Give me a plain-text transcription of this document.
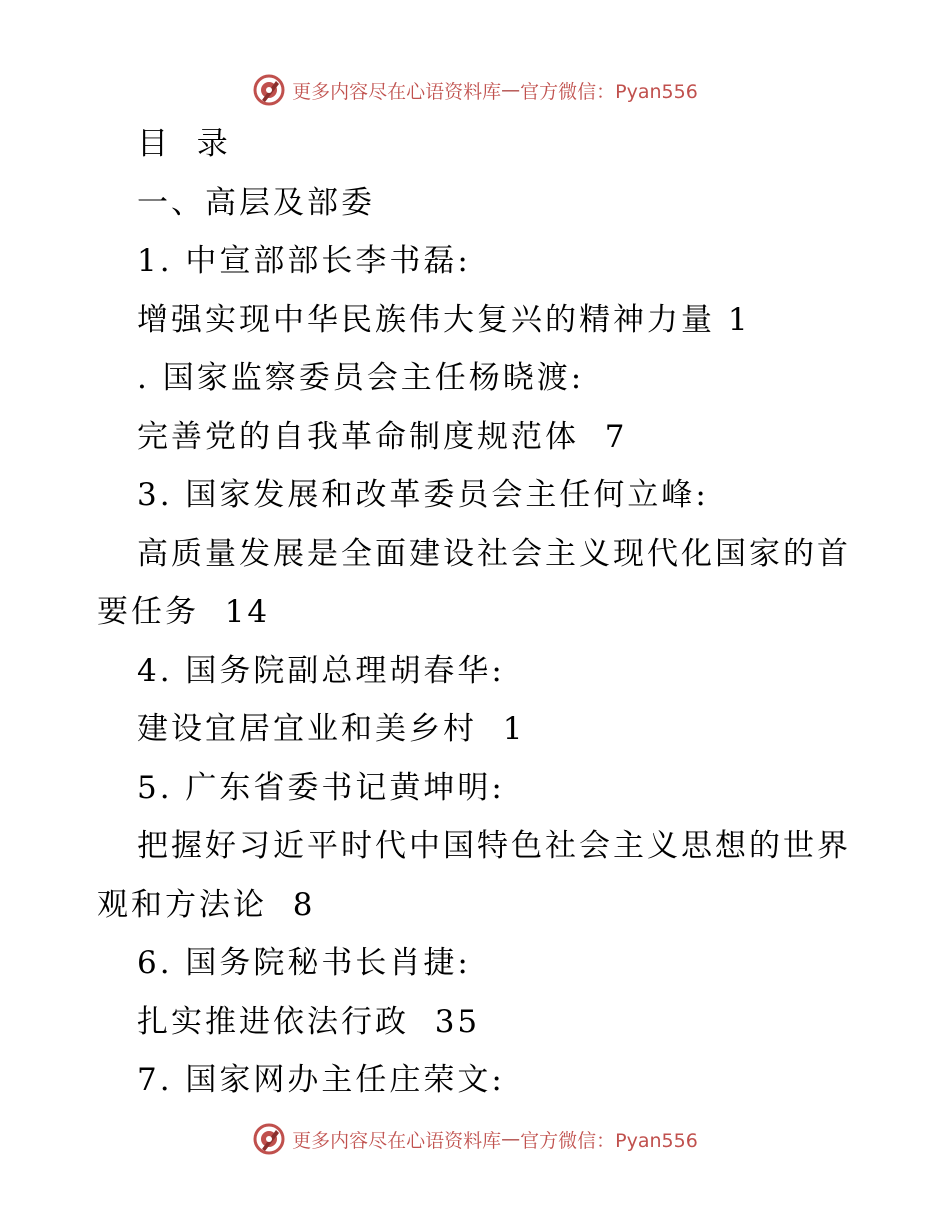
更多内容尽在心语资料库 — 官方微信：Pyan556
目  录
一、高层及部委
1. 中宣部部长李书磊:
增强实现中华民族伟大复兴的精神力量 1
. 国家监察委员会主任杨晓渡:
完善党的自我革命制度规范体  7
3. 国家发展和改革委员会主任何立峰:
高质量发展是全面建设社会主义现代化国家的首
要任务  14
4. 国务院副总理胡春华:
建设宜居宜业和美乡村  1
5. 广东省委书记黄坤明:
把握好习近平时代中国特色社会主义思想的世界
观和方法论  8
6. 国务院秘书长肖捷:
扎实推进依法行政  35
7. 国家网办主任庄荣文:
更多内容尽在心语资料库 — 官方微信：Pyan556
